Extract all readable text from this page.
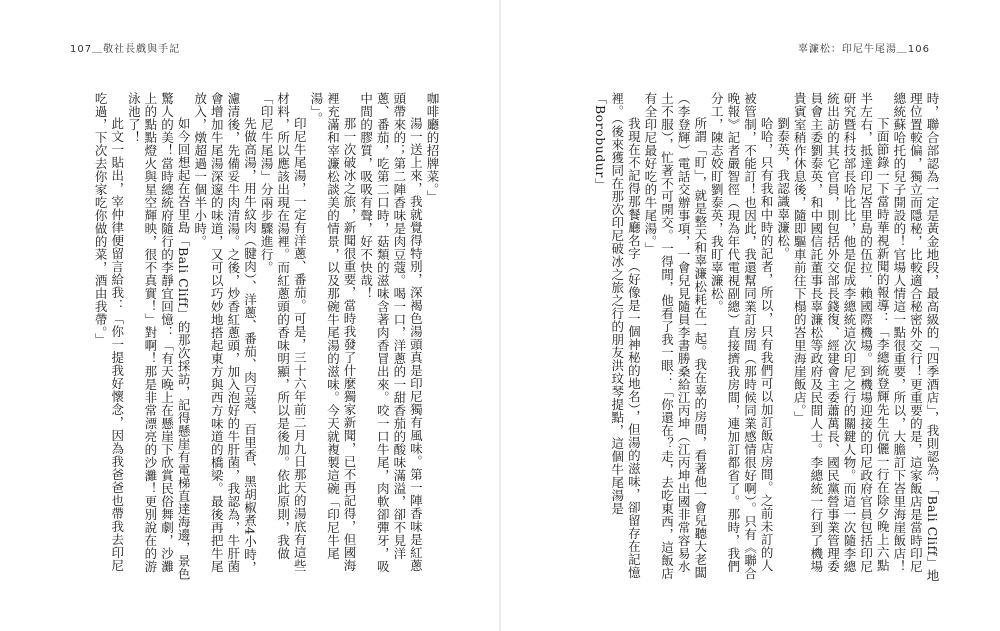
107＿敬社長戲與手記

咖啡廳的招牌菜。」

湯一送上來，我就覺得特別，深褐色湯頭真是印尼獨有風味。第一陣香味是紅蔥頭帶來的；第二陣香味是肉豆蔻。喝一口，洋蔥的一甜香茄的酸味滿溢，卻不見洋蔥、番茄，吃第二口時，菇類的滋味含著肉香冒出來。咬一口牛尾，肉軟卻彈牙，吸中間的膠質，吸吸有聲，好不快哉！

那一次破冰之旅，新聞很重要，當時我發了什麼獨家新聞，已不再記得，但國海裡充滿和宰濂松談美的情景，以及那碗牛尾湯的滋味。今天就複製這碗「印尼牛尾湯」。

印尼牛尾湯，一定有洋蔥、番茄。可是，三十六年前二月九日那天的湯底有這些材料，所以應該出現在湯裡。而紅蔥頭的香味明顯，所以是後加。依此原則，我做「印尼牛尾湯」分兩步驟進行。

先做高湯，用牛紋肉（腱肉）、洋蔥、番茄、肉豆蔻、百里香、黑胡椒煮4小時，濾清後，先備妥牛肉清湯。之後，炒香紅蔥頭，加入泡好的牛肝菌，我認為，牛肝菌會增加牛尾湯深邃的味道，又可以巧妙地搭起東方與西方味道的橋梁。最後再把牛尾放入，燉超過一個半小時。

如今回想起在峇里島「Bali Cliff」的那次採訪，記得懸崖有電梯直達海邊，景色驚人的美！當時總統府隨行的李靜宜回憶：「有天晚上在懸崖下欣賞民俗舞劇，沙灘上的點點燈火與星空輝映，很不真實！」對啊！那是非常漂亮的沙灘！更別說在的游泳池了！

此文一貼出，宰仲律便留言給我：「你一提我好懷念，因為我爸爸也帶我去印尼吃過，下次去你家吃你做的菜，酒由我帶。」

辜濂松：印尼牛尾湯＿106

時，聯合部認為一定是黃金地段，最高級的「四季酒店」，我則認為，「Bali Cliff」地理位置較偏，獨立而隱秘，比較適合秘密外交行！更重要的是，這家飯店是當時印尼總統蘇哈托的兒子開設的！官場人情這一點很重要，所以，大膽訂下峇里海崖飯店！

下面節錄一下當時華視新聞的報導：「李總統登輝先生伉儷一行在除夕晚上六點半左右，抵達印尼峇里島的伍拉．賴國際機場。到機場迎接的印尼政府官員包括印尼研究暨科技部長哈比比，他是促成李總統這次印尼之行的關鍵人物。而這一次隨李總統出訪的其它官員，則包括外交部長錢復、經建會主委蕭萬長、國民黨營事業管理委員會主委劉泰英，和中國信託董事長辜濂松等政府及民間人士。李總統一行到了機場貴賓室稍作休息後，隨即驅車前往下榻的峇里海崖飯店。」

劉泰英，我認識辜濂松。

哈哈，只有我和中時的記者，所以，只有我們可以加訂飯店房間。之前未訂的人被管制，不能訂！也因此，我還幫同業訂房間（那時候同業感情很好啊）。只有《聯合晚報》記者嚴智徑（現為年代電視副總）直接擠我房間，連加訂都省了。那時，我們分工，陳志姣盯劉泰英，我盯辜濂松。

所謂「盯」，就是整天和辜濂松耗在一起。我在辜的房間，看著他一會兒聽大老闆（李登輝）電話交辦事項，一會兒見隨員李書勝桑給江丙坤（江丙坤出國非常容易水土不服），忙著不可開交。一得閒，他看了我一眼：「你還在？走，去吃東西，這飯店有全印尼最好吃的牛尾湯。」

我現在不記得那餐廳名字（好像是一個神秘的地名），但湯的滋味，卻留存在記憶裡。（後來獲同在那次印尼破冰之旅之行的朋友洪玟琴提點，這個牛尾湯是「Borobudur」
